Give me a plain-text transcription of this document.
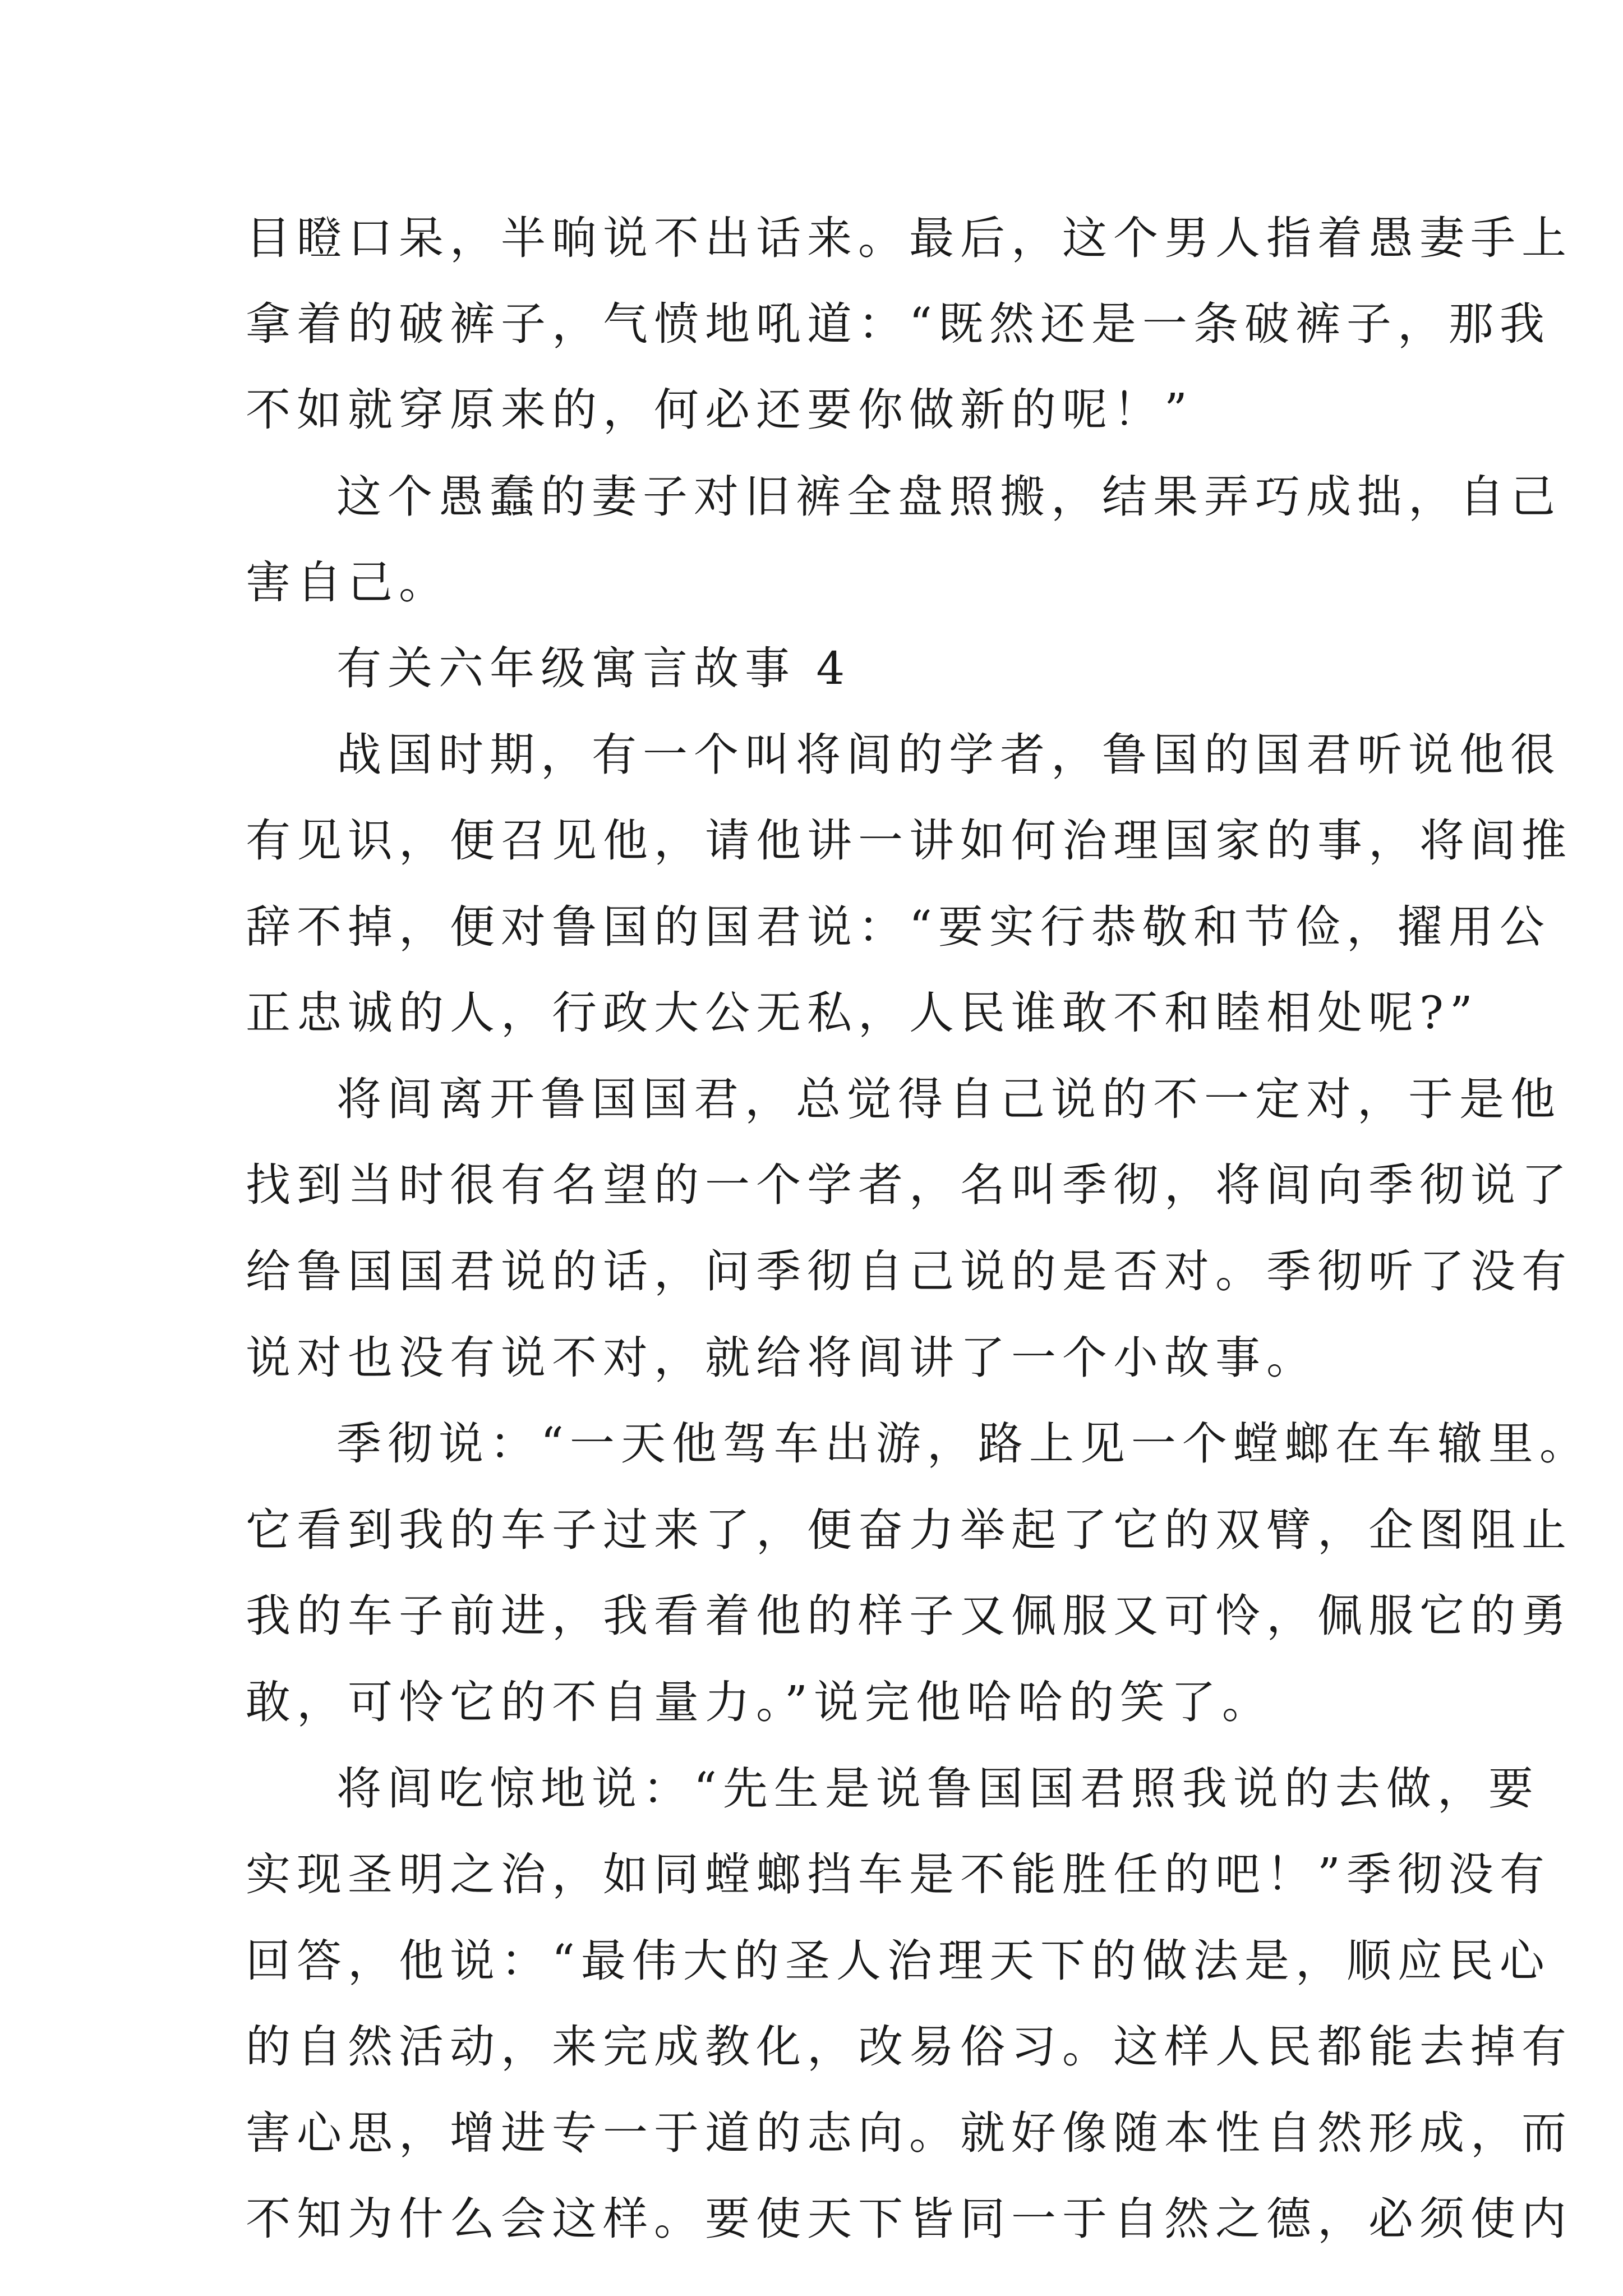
目瞪口呆，半晌说不出话来。最后，这个男人指着愚妻手上
拿着的破裤子，气愤地吼道：“既然还是一条破裤子，那我
不如就穿原来的，何必还要你做新的呢！”
这个愚蠢的妻子对旧裤全盘照搬，结果弄巧成拙，自己
害自己。
有关六年级寓言故事 4
战国时期，有一个叫将闾的学者，鲁国的国君听说他很
有见识，便召见他，请他讲一讲如何治理国家的事，将闾推
辞不掉，便对鲁国的国君说：“要实行恭敬和节俭，擢用公
正忠诚的人，行政大公无私，人民谁敢不和睦相处呢?”
将闾离开鲁国国君，总觉得自己说的不一定对，于是他
找到当时很有名望的一个学者，名叫季彻，将闾向季彻说了
给鲁国国君说的话，问季彻自己说的是否对。季彻听了没有
说对也没有说不对，就给将闾讲了一个小故事。
季彻说：“一天他驾车出游，路上见一个螳螂在车辙里。
它看到我的车子过来了，便奋力举起了它的双臂，企图阻止
我的车子前进，我看着他的样子又佩服又可怜，佩服它的勇
敢，可怜它的不自量力。”说完他哈哈的笑了。
将闾吃惊地说：“先生是说鲁国国君照我说的去做，要
实现圣明之治，如同螳螂挡车是不能胜任的吧！”季彻没有
回答，他说：“最伟大的圣人治理天下的做法是，顺应民心
的自然活动，来完成教化，改易俗习。这样人民都能去掉有
害心思，增进专一于道的志向。就好像随本性自然形成，而
不知为什么会这样。要使天下皆同一于自然之德，必须使内
